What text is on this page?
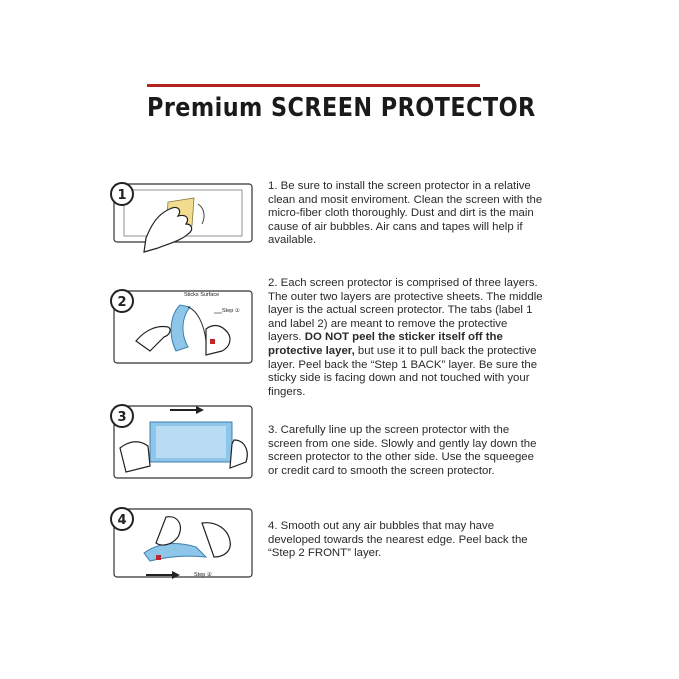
Premium SCREEN PROTECTOR
1
1. Be sure to install the screen protector in a relative clean and mosit enviroment. Clean the screen with the micro-fiber cloth thoroughly. Dust and dirt is the main cause of air bubbles. Air cans and tapes will help if available.
2	Sticks Surface
Step ①
2. Each screen protector is comprised of three layers. The outer two layers are protective sheets. The middle layer is the actual screen protector. The tabs (label 1 and label 2) are meant to remove the protective layers. DO NOT peel the sticker itself off the protective layer, but use it to pull back the protective layer. Peel back the “Step 1 BACK” layer. Be sure the sticky side is facing down and not touched with your fingers.
3
3. Carefully line up the screen protector with the screen from one side. Slowly and gently lay down the screen protector to the other side. Use the squeegee or credit card to smooth the screen protector.
4
Step ②
4. Smooth out any air bubbles that may have developed towards the nearest edge. Peel back the “Step 2 FRONT” layer.
